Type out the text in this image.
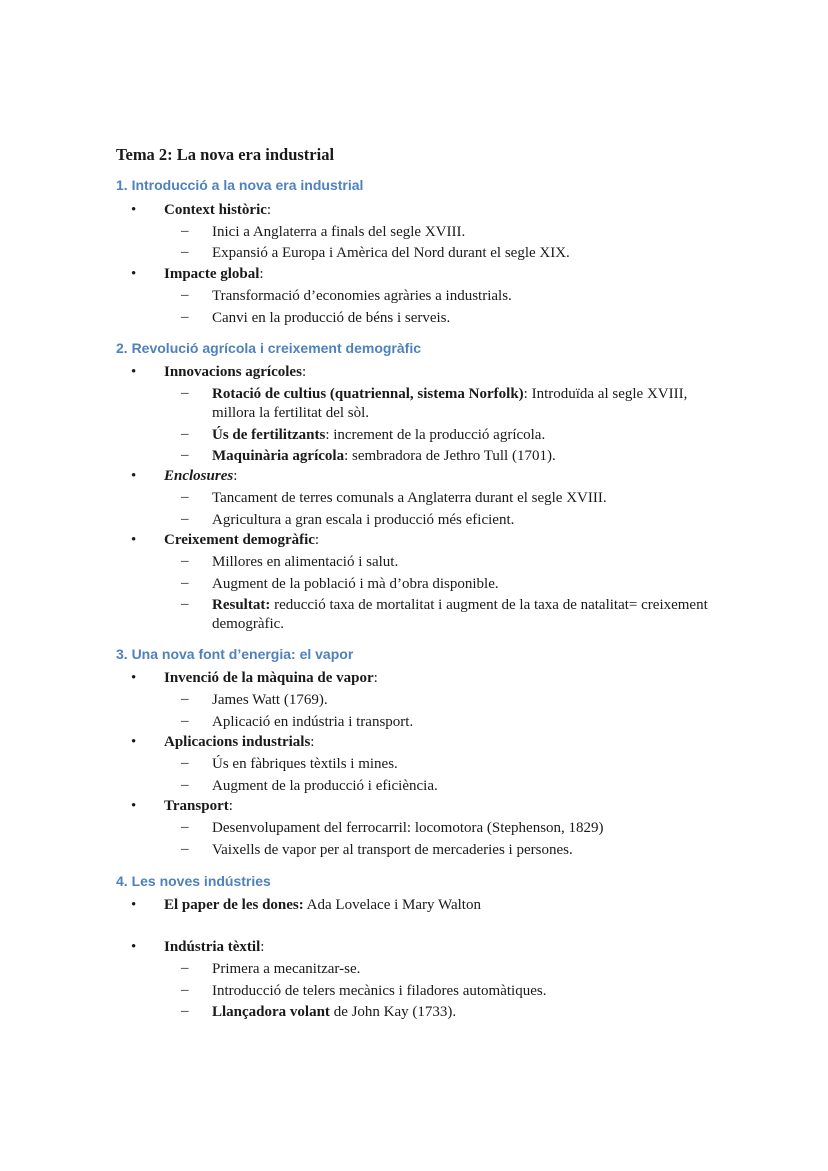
Tema 2: La nova era industrial
1. Introducció a la nova era industrial
• Context històric:
– Inici a Anglaterra a finals del segle XVIII.
– Expansió a Europa i Amèrica del Nord durant el segle XIX.
• Impacte global:
– Transformació d’economies agràries a industrials.
– Canvi en la producció de béns i serveis.
2. Revolució agrícola i creixement demogràfic
• Innovacions agrícoles:
– Rotació de cultius (quatriennal, sistema Norfolk): Introduïda al segle XVIII, millora la fertilitat del sòl.
– Ús de fertilitzants: increment de la producció agrícola.
– Maquinària agrícola: sembradora de Jethro Tull (1701).
• Enclosures:
– Tancament de terres comunals a Anglaterra durant el segle XVIII.
– Agricultura a gran escala i producció més eficient.
• Creixement demogràfic:
– Millores en alimentació i salut.
– Augment de la població i mà d’obra disponible.
– Resultat: reducció taxa de mortalitat i augment de la taxa de natalitat= creixement demogràfic.
3. Una nova font d’energia: el vapor
• Invenció de la màquina de vapor:
– James Watt (1769).
– Aplicació en indústria i transport.
• Aplicacions industrials:
– Ús en fàbriques tèxtils i mines.
– Augment de la producció i eficiència.
• Transport:
– Desenvolupament del ferrocarril: locomotora (Stephenson, 1829)
– Vaixells de vapor per al transport de mercaderies i persones.
4. Les noves indústries
• El paper de les dones: Ada Lovelace i Mary Walton
• Indústria tèxtil:
– Primera a mecanitzar-se.
– Introducció de telers mecànics i filadores automàtiques.
– Llançadora volant de John Kay (1733).
